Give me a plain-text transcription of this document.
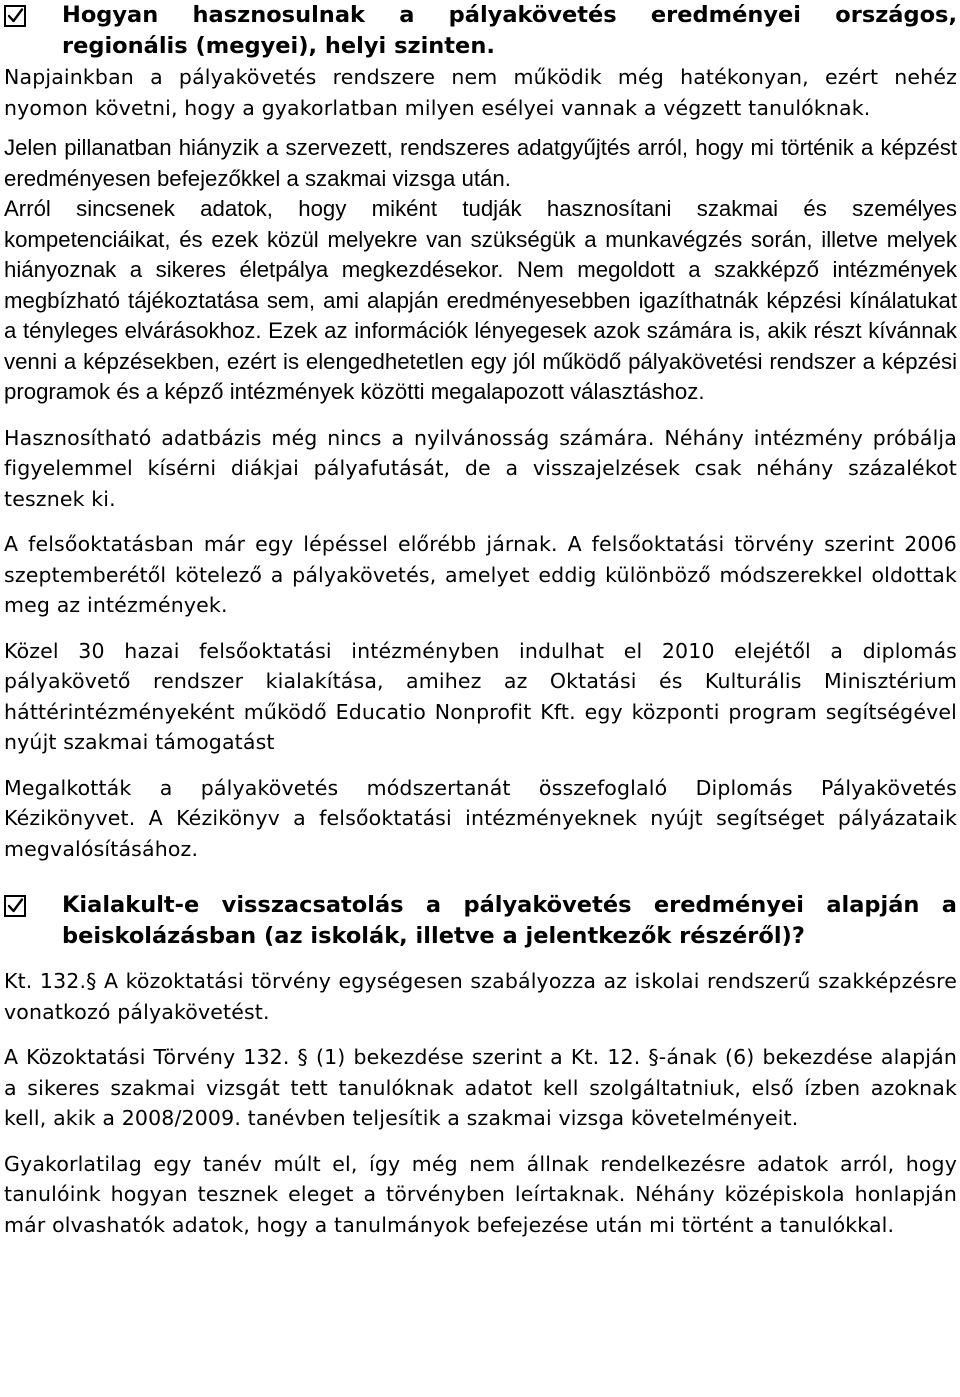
Hogyan hasznosulnak a pályakövetés eredményei országos, regionális (megyei), helyi szinten.

Napjainkban a pályakövetés rendszere nem működik még hatékonyan, ezért nehéz nyomon követni, hogy a gyakorlatban milyen esélyei vannak a végzett tanulóknak.

Jelen pillanatban hiányzik a szervezett, rendszeres adatgyűjtés arról, hogy mi történik a képzést eredményesen befejezőkkel a szakmai vizsga után.

Arról sincsenek adatok, hogy miként tudják hasznosítani szakmai és személyes kompetenciáikat, és ezek közül melyekre van szükségük a munkavégzés során, illetve melyek hiányoznak a sikeres életpálya megkezdésekor. Nem megoldott a szakképző intézmények megbízható tájékoztatása sem, ami alapján eredményesebben igazíthatnák képzési kínálatukat a tényleges elvárásokhoz. Ezek az információk lényegesek azok számára is, akik részt kívánnak venni a képzésekben, ezért is elengedhetetlen egy jól működő pályakövetési rendszer a képzési programok és a képző intézmények közötti megalapozott választáshoz.

Hasznosítható adatbázis még nincs a nyilvánosság számára. Néhány intézmény próbálja figyelemmel kísérni diákjai pályafutását, de a visszajelzések csak néhány százalékot tesznek ki.

A felsőoktatásban már egy lépéssel előrébb járnak. A felsőoktatási törvény szerint 2006 szeptemberétől kötelező a pályakövetés, amelyet eddig különböző módszerekkel oldottak meg az intézmények.

Közel 30 hazai felsőoktatási intézményben indulhat el 2010 elejétől a diplomás pályakövető rendszer kialakítása, amihez az Oktatási és Kulturális Minisztérium háttérintézményeként működő Educatio Nonprofit Kft. egy központi program segítségével nyújt szakmai támogatást

Megalkották a pályakövetés módszertanát összefoglaló Diplomás Pályakövetés Kézikönyvet. A Kézikönyv a felsőoktatási intézményeknek nyújt segítséget pályázataik megvalósításához.

Kialakult-e visszacsatolás a pályakövetés eredményei alapján a beiskolázásban (az iskolák, illetve a jelentkezők részéről)?

Kt. 132.§ A közoktatási törvény egységesen szabályozza az iskolai rendszerű szakképzésre vonatkozó pályakövetést.

A Közoktatási Törvény 132. § (1) bekezdése szerint a Kt. 12. §-ának (6) bekezdése alapján a sikeres szakmai vizsgát tett tanulóknak adatot kell szolgáltatniuk, első ízben azoknak kell, akik a 2008/2009. tanévben teljesítik a szakmai vizsga követelményeit.

Gyakorlatilag egy tanév múlt el, így még nem állnak rendelkezésre adatok arról, hogy tanulóink hogyan tesznek eleget a törvényben leírtaknak. Néhány középiskola honlapján már olvashatók adatok, hogy a tanulmányok befejezése után mi történt a tanulókkal.
